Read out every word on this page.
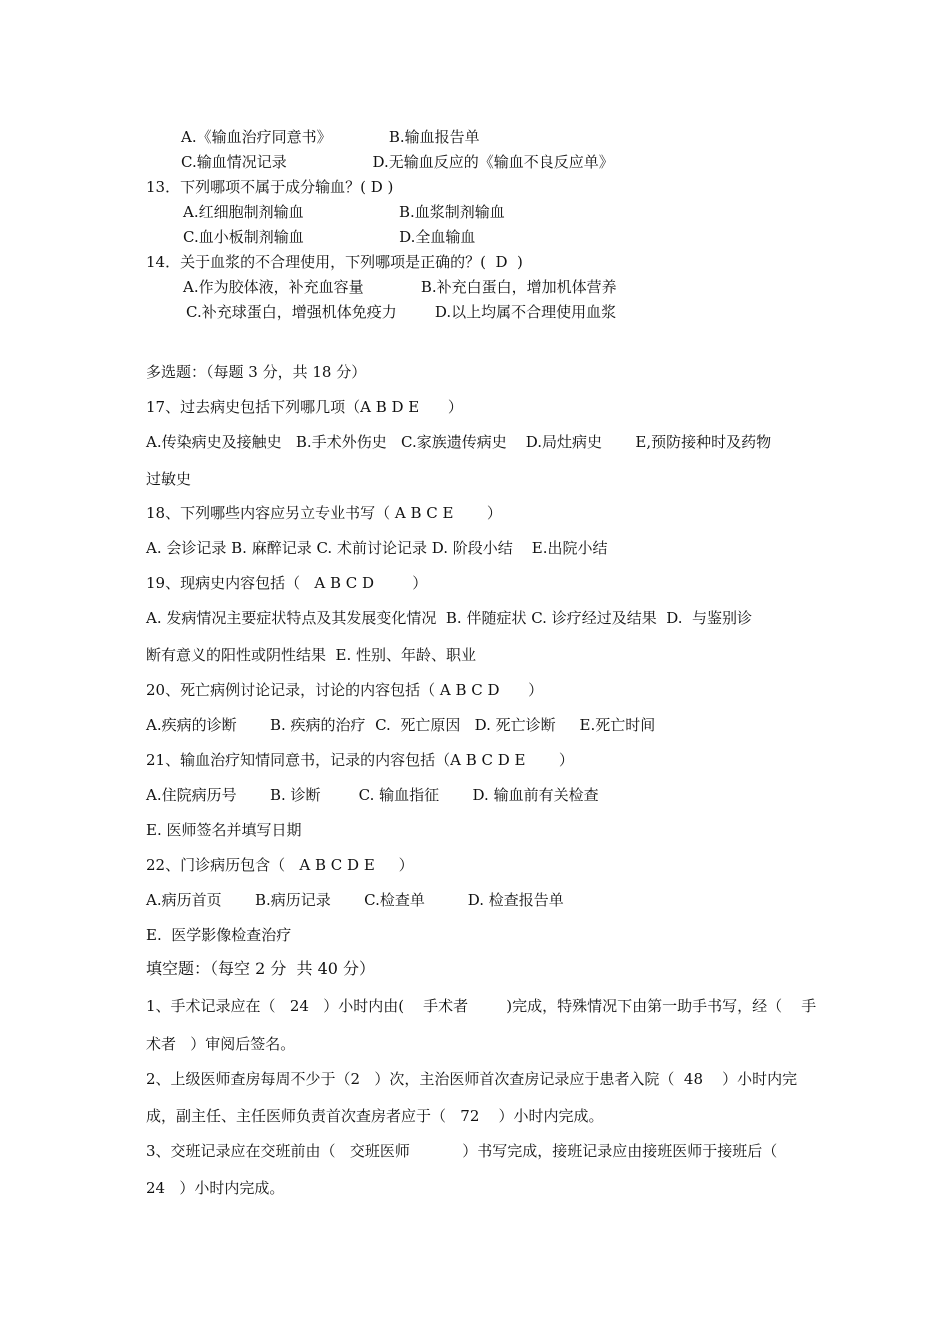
A.《输血治疗同意书》            B.输血报告单
C.输血情况记录                  D.无输血反应的《输血不良反应单》
13．下列哪项不属于成分输血？( D )
A.红细胞制剂输血                    B.血浆制剂输血
C.血小板制剂输血                    D.全血输血
14．关于血浆的不合理使用，下列哪项是正确的？(  D  )
A.作为胶体液，补充血容量            B.补充白蛋白，增加机体营养
C.补充球蛋白，增强机体免疫力        D.以上均属不合理使用血浆
多选题：（每题 3 分，共 18 分）
17、过去病史包括下列哪几项（A B D E      ）
A.传染病史及接触史   B.手术外伤史   C.家族遗传病史    D.局灶病史       E,预防接种时及药物
过敏史
18、下列哪些内容应另立专业书写（ A B C E       ）
A. 会诊记录 B. 麻醉记录 C. 术前讨论记录 D. 阶段小结    E.出院小结
19、现病史内容包括（   A B C D        ）
A. 发病情况主要症状特点及其发展变化情况  B. 伴随症状 C. 诊疗经过及结果  D.  与鉴别诊
断有意义的阳性或阴性结果  E. 性别、年龄、职业
20、死亡病例讨论记录，讨论的内容包括（ A B C D      ）
A.疾病的诊断       B. 疾病的治疗  C.  死亡原因   D. 死亡诊断     E.死亡时间
21、输血治疗知情同意书，记录的内容包括（A B C D E       ）
A.住院病历号       B. 诊断        C. 输血指征       D. 输血前有关检查
E. 医师签名并填写日期
22、门诊病历包含（   A B C D E     ）
A.病历首页       B.病历记录       C.检查单         D. 检查报告单
E.  医学影像检查治疗
填空题：（每空 2 分  共 40 分）
1、手术记录应在（   24   ）小时内由(    手术者        )完成，特殊情况下由第一助手书写，经（    手
术者   ）审阅后签名。
2、上级医师查房每周不少于（2   ）次，主治医师首次查房记录应于患者入院（  48    ）小时内完
成，副主任、主任医师负责首次查房者应于（   72    ）小时内完成。
3、交班记录应在交班前由（   交班医师           ）书写完成，接班记录应由接班医师于接班后（
24   ）小时内完成。
